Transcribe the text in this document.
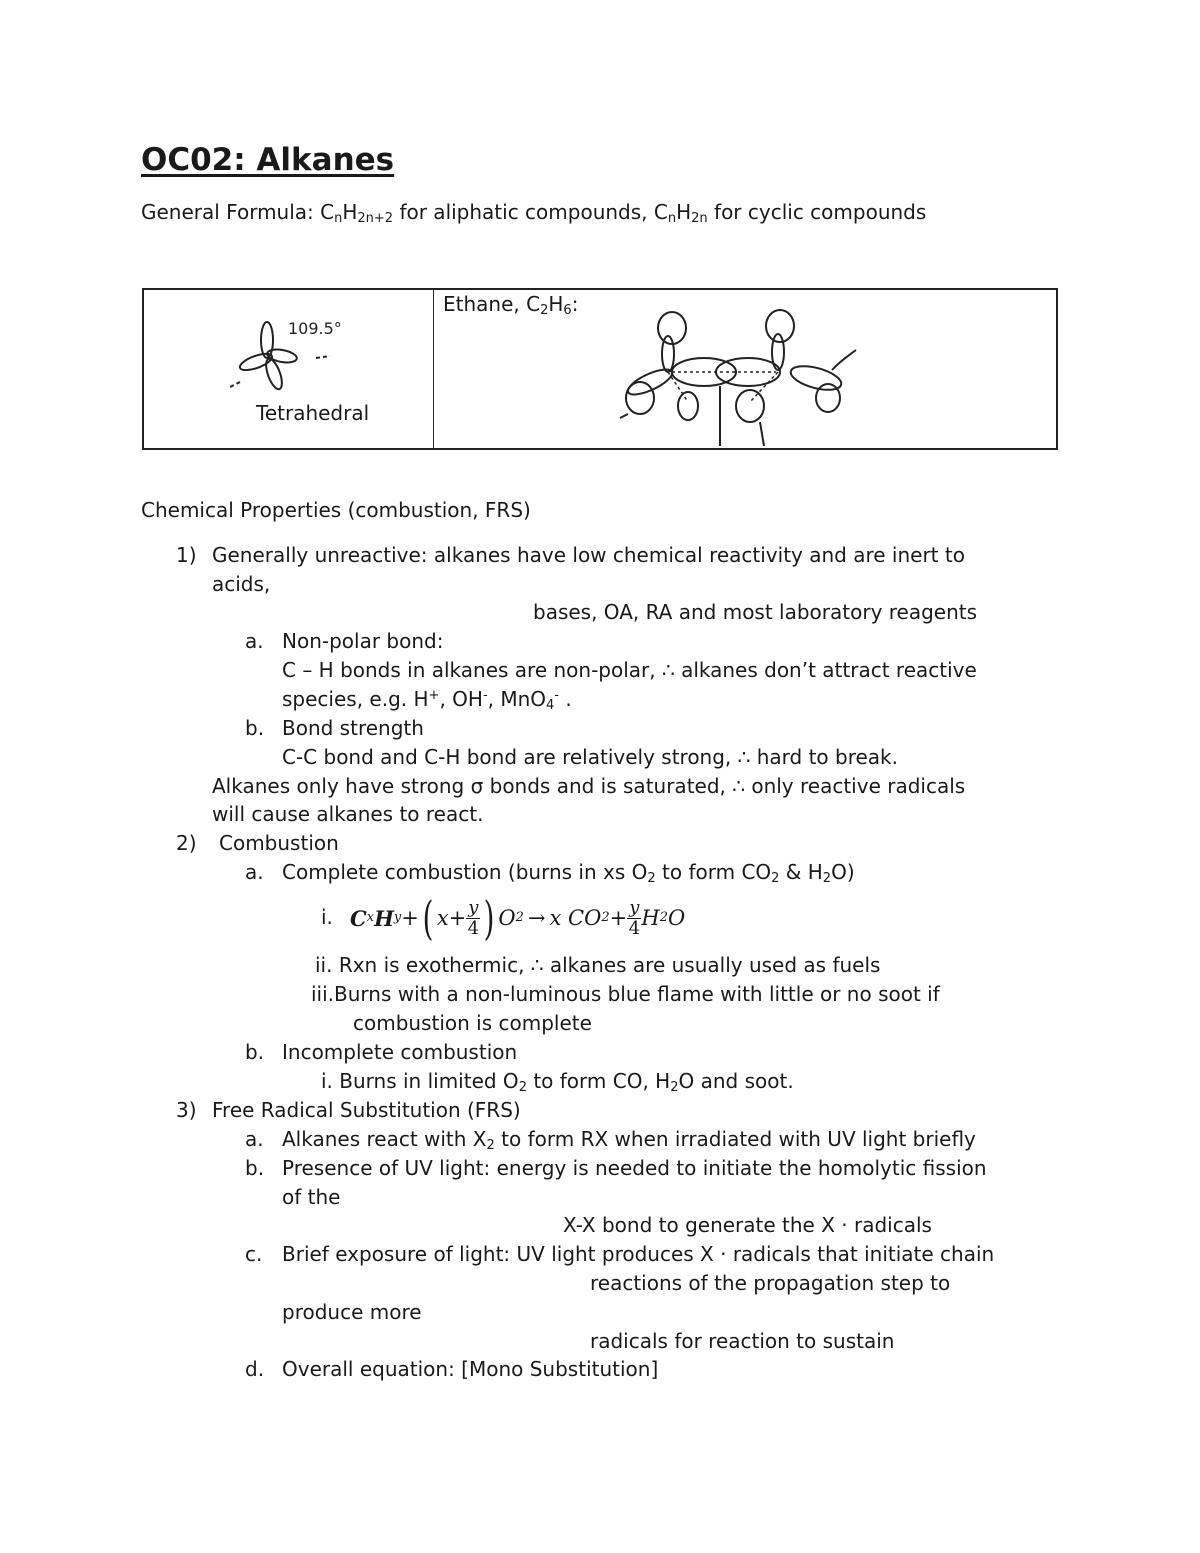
OC02: Alkanes
General Formula: $C_nH_{2n+2}$ for aliphatic compounds, $C_nH_{2n}$ for cyclic compounds
109.5°
Tetrahedral
Ethane, $C_2H_6$:
Chemical Properties (combustion, FRS)
1) Generally unreactive: alkanes have low chemical reactivity and are inert to
acids,
bases, OA, RA and most laboratory reagents
a. Non-polar bond:
C – H bonds in alkanes are non-polar, ∴ alkanes don’t attract reactive
species, e.g. H+, OH-, MnO$_4$- .
b. Bond strength
C-C bond and C-H bond are relatively strong, ∴ hard to break.
Alkanes only have strong σ bonds and is saturated, ∴ only reactive radicals
will cause alkanes to react.
2) Combustion
a. Complete combustion (burns in xs $O_2$ to form $CO_2$ & $H_2O$)
i. C x H y + ( $x + \frac{y}{4}$ ) O 2 → x
CO $2 + \frac{y}{4}$ H 2 O
ii. Rxn is exothermic, ∴ alkanes are usually used as fuels
iii.Burns with a non-luminous blue flame with little or no soot if
combustion is complete
b. Incomplete combustion
i. Burns in limited $O_2$ to form CO, $H_2O$ and soot.
3) Free Radical Substitution (FRS)
a. Alkanes react with $X_2$ to form RX when irradiated with UV light briefly
b. Presence of UV light: energy is needed to initiate the homolytic fission
of the
X-X bond to generate the X · radicals
c. Brief exposure of light: UV light produces X · radicals that initiate chain
reactions of the propagation step to
produce more
radicals for reaction to sustain
d. Overall equation: [Mono Substitution]
